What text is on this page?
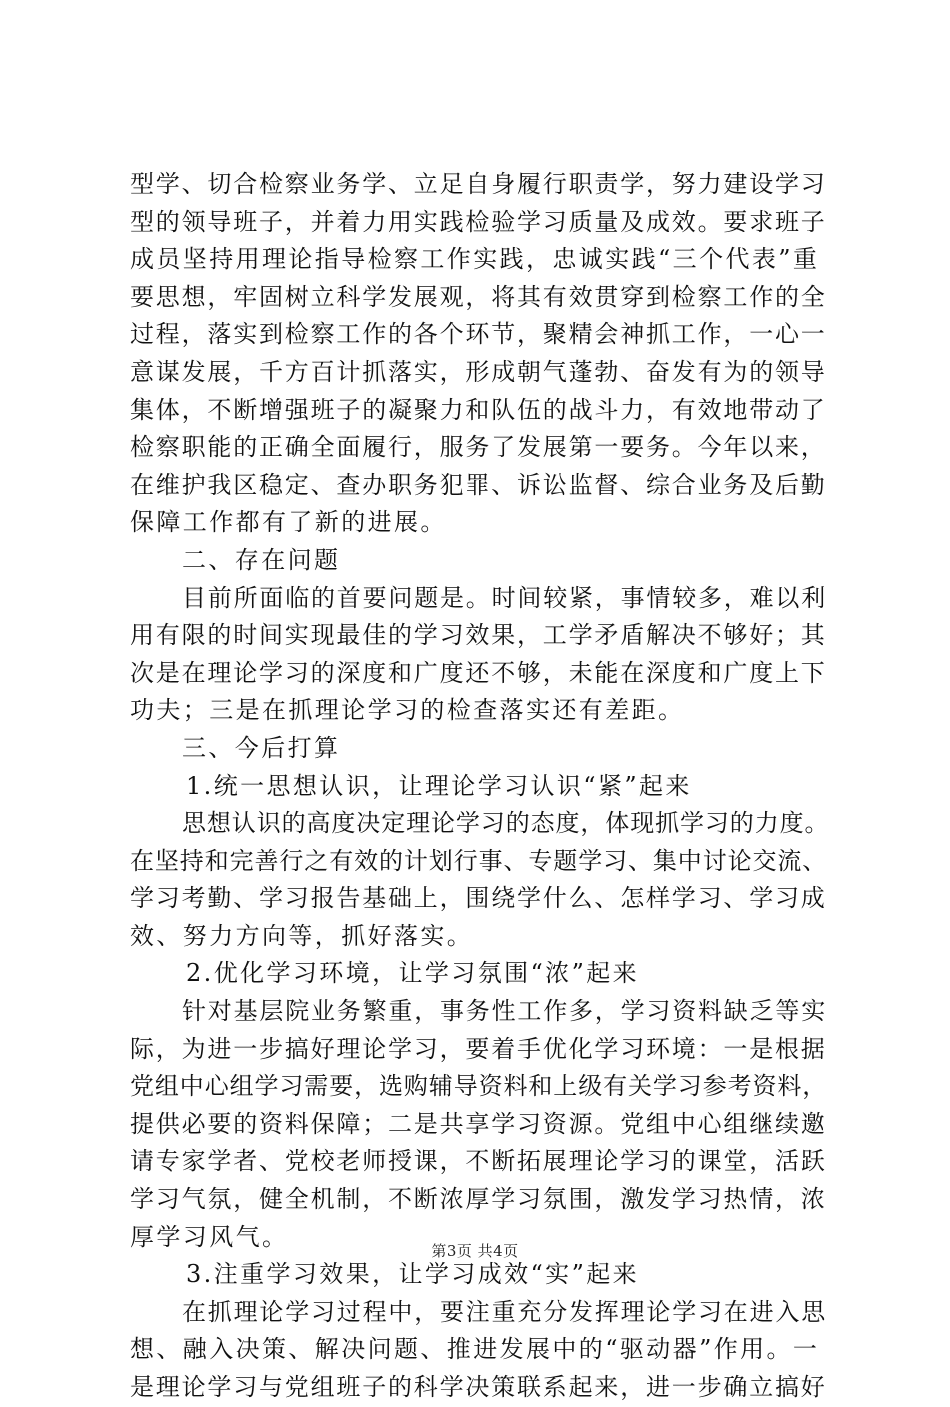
型学、切合检察业务学、立足自身履行职责学，努力建设学习
型的领导班子，并着力用实践检验学习质量及成效。要求班子
成员坚持用理论指导检察工作实践，忠诚实践“三个代表”重
要思想，牢固树立科学发展观，将其有效贯穿到检察工作的全
过程，落实到检察工作的各个环节，聚精会神抓工作，一心一
意谋发展，千方百计抓落实，形成朝气蓬勃、奋发有为的领导
集体，不断增强班子的凝聚力和队伍的战斗力，有效地带动了
检察职能的正确全面履行，服务了发展第一要务。今年以来，
在维护我区稳定、查办职务犯罪、诉讼监督、综合业务及后勤
保障工作都有了新的进展。
二、存在问题
目前所面临的首要问题是。时间较紧，事情较多，难以利
用有限的时间实现最佳的学习效果，工学矛盾解决不够好；其
次是在理论学习的深度和广度还不够，未能在深度和广度上下
功夫；三是在抓理论学习的检查落实还有差距。
三、今后打算
1.统一思想认识，让理论学习认识“紧”起来
思想认识的高度决定理论学习的态度，体现抓学习的力度。
在坚持和完善行之有效的计划行事、专题学习、集中讨论交流、
学习考勤、学习报告基础上，围绕学什么、怎样学习、学习成
效、努力方向等，抓好落实。
2.优化学习环境，让学习氛围“浓”起来
针对基层院业务繁重，事务性工作多，学习资料缺乏等实
际，为进一步搞好理论学习，要着手优化学习环境：一是根据
党组中心组学习需要，选购辅导资料和上级有关学习参考资料，
提供必要的资料保障；二是共享学习资源。党组中心组继续邀
请专家学者、党校老师授课，不断拓展理论学习的课堂，活跃
学习气氛，健全机制，不断浓厚学习氛围，激发学习热情，浓
厚学习风气。
3.注重学习效果，让学习成效“实”起来
在抓理论学习过程中，要注重充分发挥理论学习在进入思
想、融入决策、解决问题、推进发展中的“驱动器”作用。一
是理论学习与党组班子的科学决策联系起来，进一步确立搞好
第3页 共4页
